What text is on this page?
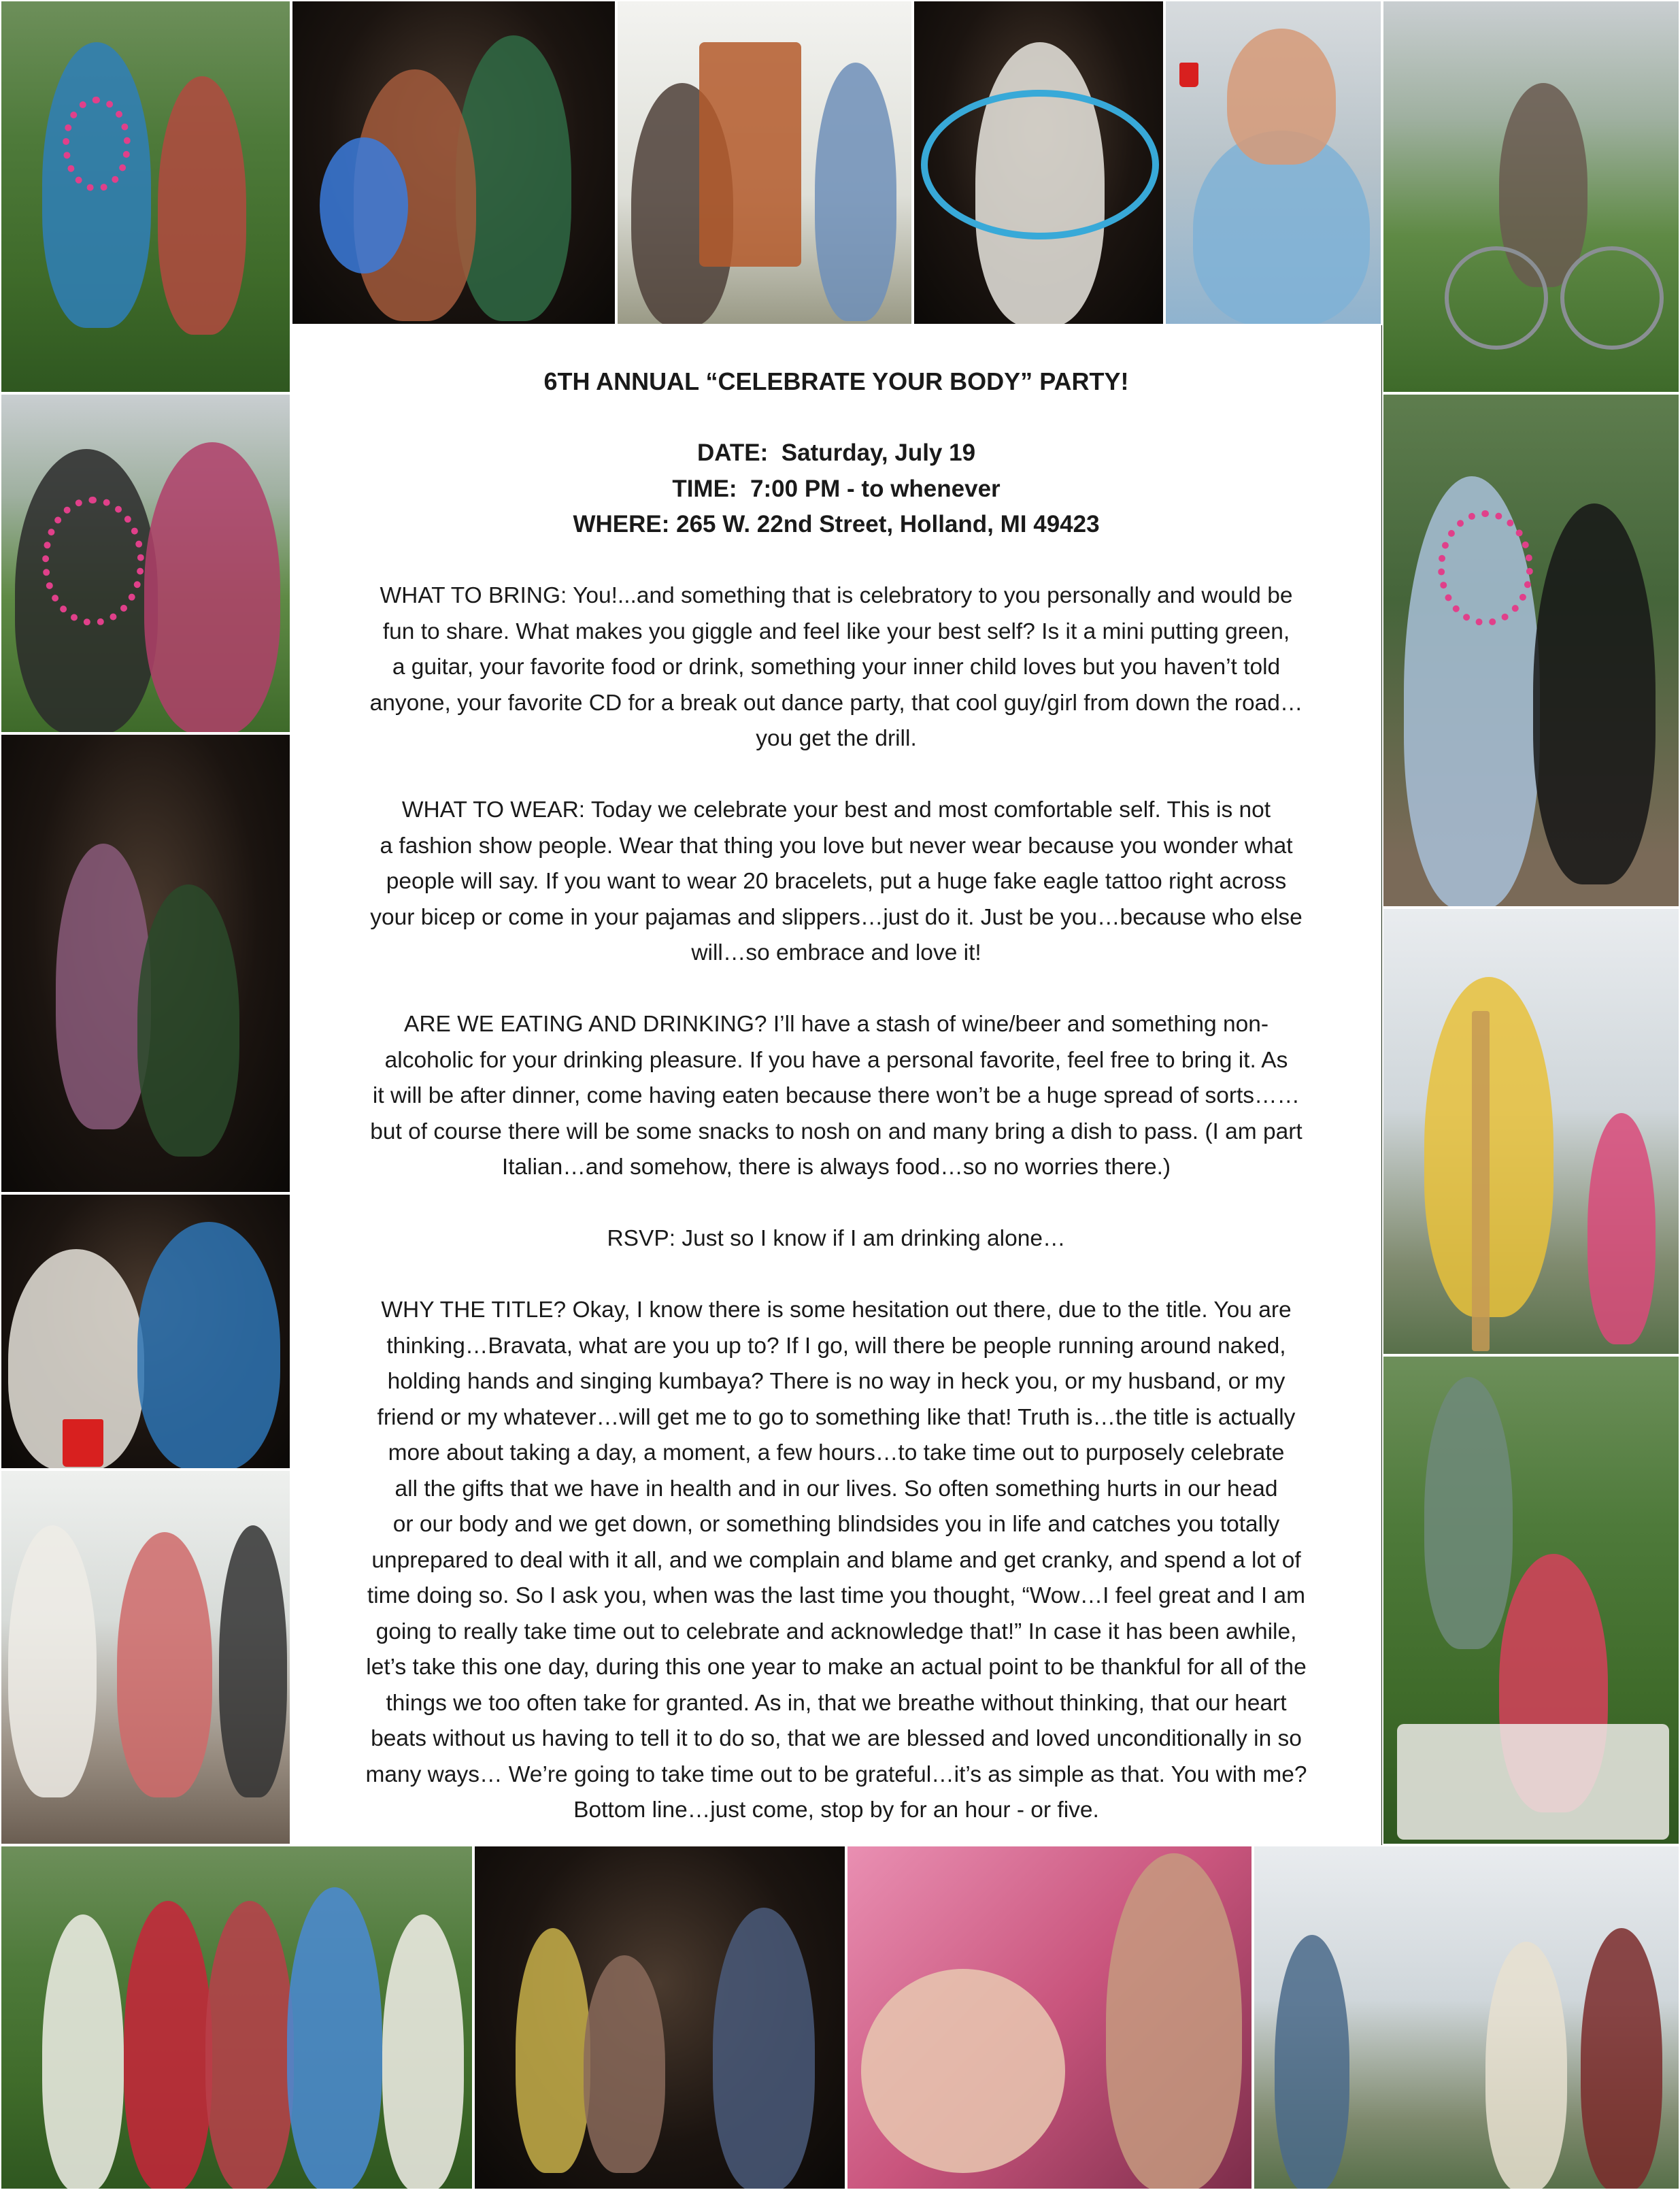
6TH ANNUAL “CELEBRATE YOUR BODY” PARTY!

DATE: Saturday, July 19

TIME: 7:00 PM - to whenever

WHERE: 265 W. 22nd Street, Holland, MI 49423

WHAT TO BRING: You!...and something that is celebratory to you personally and would be

fun to share. What makes you giggle and feel like your best self? Is it a mini putting green,

a guitar, your favorite food or drink, something your inner child loves but you haven’t told

anyone, your favorite CD for a break out dance party, that cool guy/girl from down the road…

you get the drill.

WHAT TO WEAR: Today we celebrate your best and most comfortable self. This is not

a fashion show people. Wear that thing you love but never wear because you wonder what

people will say. If you want to wear 20 bracelets, put a huge fake eagle tattoo right across

your bicep or come in your pajamas and slippers…just do it. Just be you…because who else

will…so embrace and love it!

ARE WE EATING AND DRINKING? I’ll have a stash of wine/beer and something non-

alcoholic for your drinking pleasure. If you have a personal favorite, feel free to bring it. As

it will be after dinner, come having eaten because there won’t be a huge spread of sorts……

but of course there will be some snacks to nosh on and many bring a dish to pass. (I am part

Italian…and somehow, there is always food…so no worries there.)

RSVP: Just so I know if I am drinking alone…

WHY THE TITLE? Okay, I know there is some hesitation out there, due to the title. You are

thinking…Bravata, what are you up to? If I go, will there be people running around naked,

holding hands and singing kumbaya? There is no way in heck you, or my husband, or my

friend or my whatever…will get me to go to something like that! Truth is…the title is actually

more about taking a day, a moment, a few hours…to take time out to purposely celebrate

all the gifts that we have in health and in our lives. So often something hurts in our head

or our body and we get down, or something blindsides you in life and catches you totally

unprepared to deal with it all, and we complain and blame and get cranky, and spend a lot of

time doing so. So I ask you, when was the last time you thought, “Wow…I feel great and I am

going to really take time out to celebrate and acknowledge that!” In case it has been awhile,

let’s take this one day, during this one year to make an actual point to be thankful for all of the

things we too often take for granted. As in, that we breathe without thinking, that our heart

beats without us having to tell it to do so, that we are blessed and loved unconditionally in so

many ways… We’re going to take time out to be grateful…it’s as simple as that. You with me?

Bottom line…just come, stop by for an hour - or five.
